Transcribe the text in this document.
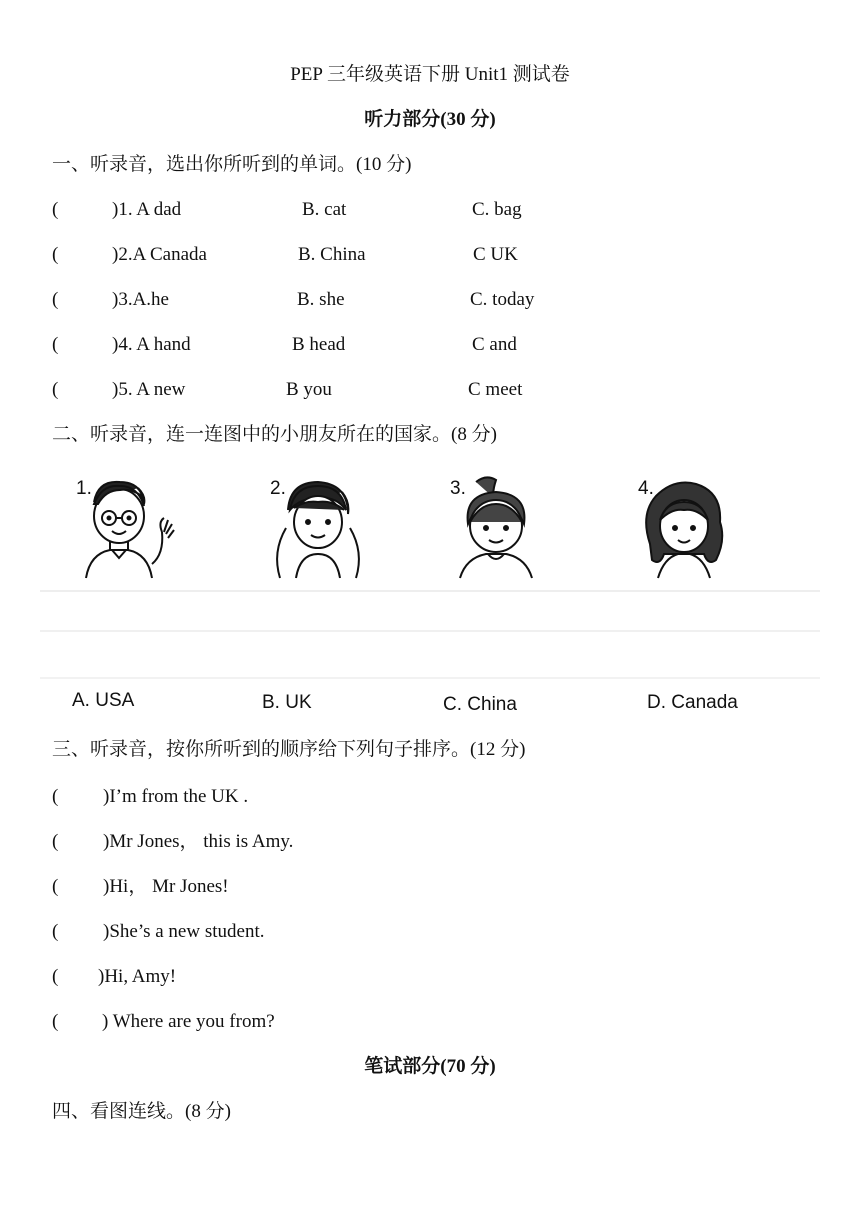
PEP 三年级英语下册 Unit1 测试卷
听力部分(30 分)
一、听录音，选出你所听到的单词。(10 分)
(	)1. A dad	B. cat	C. bag
(	)2.A Canada	B. China	C UK
(	)3.A.he	B. she	C. today
(	)4. A hand	B head	C and
(	)5. A new	B you	C meet
二、听录音，连一连图中的小朋友所在的国家。(8 分)
1.	2.	3.	4.
A. USA	B. UK	C. China	D. Canada
三、听录音，按你所听到的顺序给下列句子排序。(12 分)
( )I’m from the UK .
( )Mr Jones， this is Amy.
( )Hi， Mr Jones!
( )She’s a new student.
( )Hi, Amy!
( ) Where are you from?
笔试部分(70 分)
四、看图连线。(8 分)
